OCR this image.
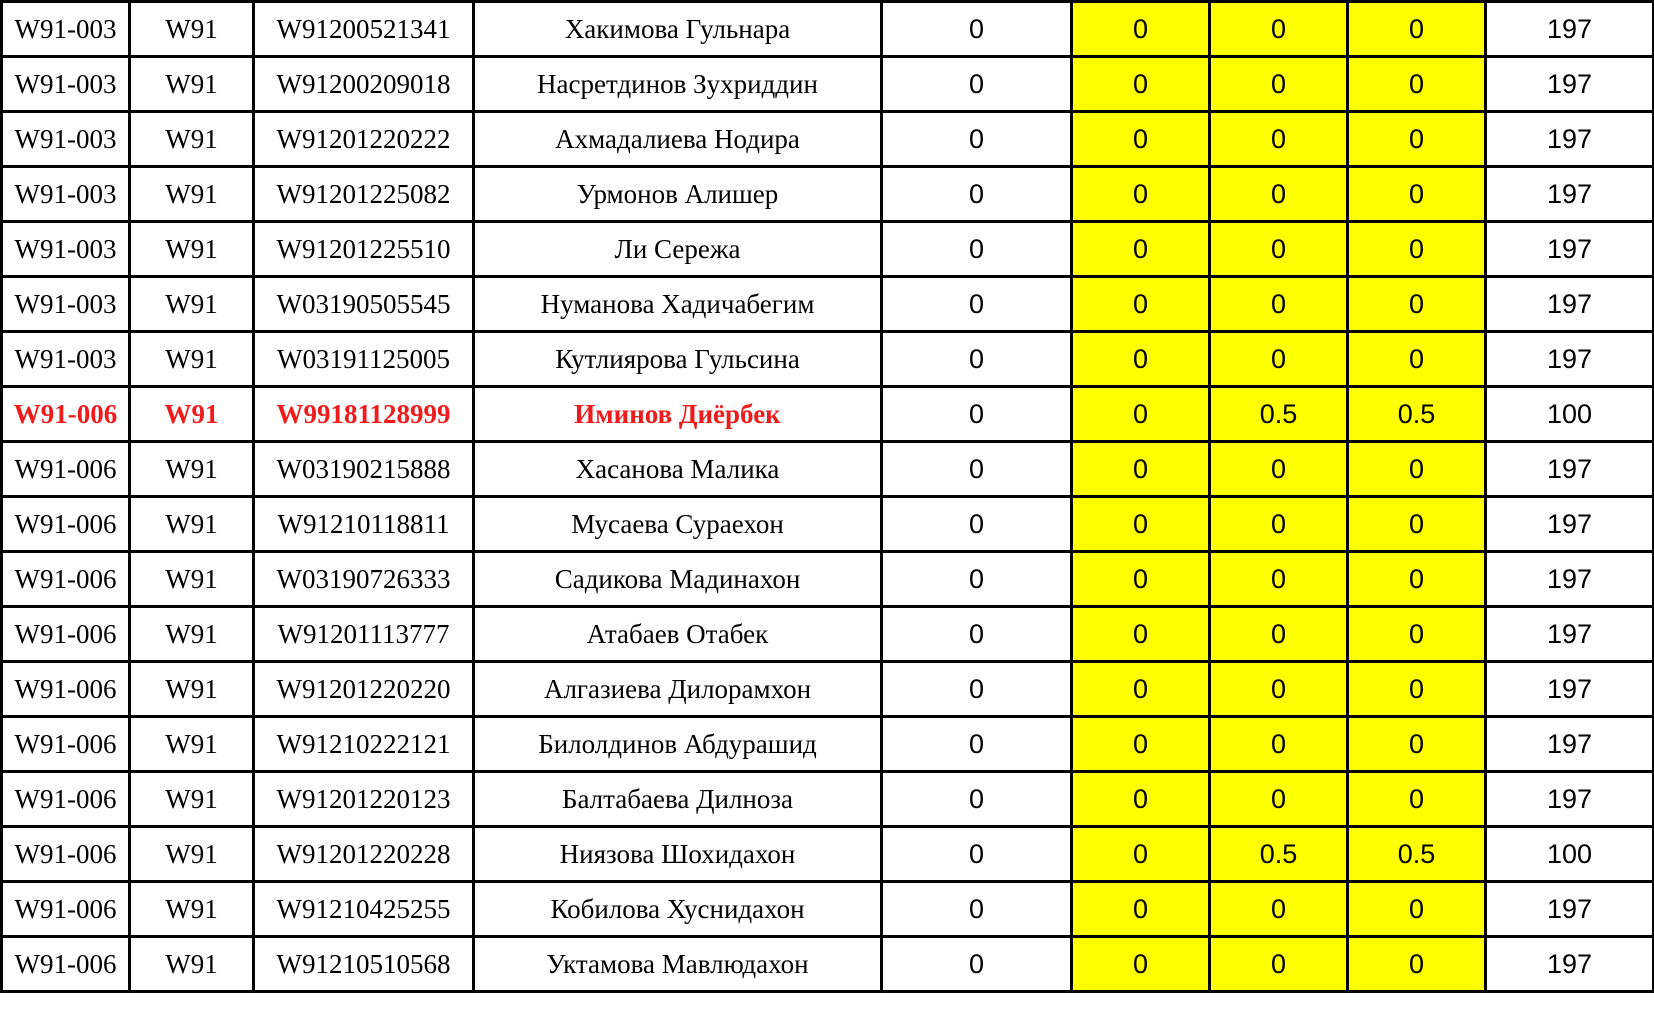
W91-003	W91	W91200521341	Хакимова Гульнара	0	0	0	0	197
W91-003	W91	W91200209018	Насретдинов Зухриддин	0	0	0	0	197
W91-003	W91	W91201220222	Ахмадалиева Нодира	0	0	0	0	197
W91-003	W91	W91201225082	Урмонов Алишер	0	0	0	0	197
W91-003	W91	W91201225510	Ли Сережа	0	0	0	0	197
W91-003	W91	W03190505545	Нуманова Хадичабегим	0	0	0	0	197
W91-003	W91	W03191125005	Кутлиярова Гульсина	0	0	0	0	197
W91-006	W91	W99181128999	Иминов Диёрбек	0	0	0.5	0.5	100
W91-006	W91	W03190215888	Хасанова Малика	0	0	0	0	197
W91-006	W91	W91210118811	Мусаева Сураехон	0	0	0	0	197
W91-006	W91	W03190726333	Садикова Мадинахон	0	0	0	0	197
W91-006	W91	W91201113777	Атабаев Отабек	0	0	0	0	197
W91-006	W91	W91201220220	Алгазиева Дилорамхон	0	0	0	0	197
W91-006	W91	W91210222121	Билолдинов Абдурашид	0	0	0	0	197
W91-006	W91	W91201220123	Балтабаева Дилноза	0	0	0	0	197
W91-006	W91	W91201220228	Ниязова Шохидахон	0	0	0.5	0.5	100
W91-006	W91	W91210425255	Кобилова Хуснидахон	0	0	0	0	197
W91-006	W91	W91210510568	Уктамова Мавлюдахон	0	0	0	0	197
